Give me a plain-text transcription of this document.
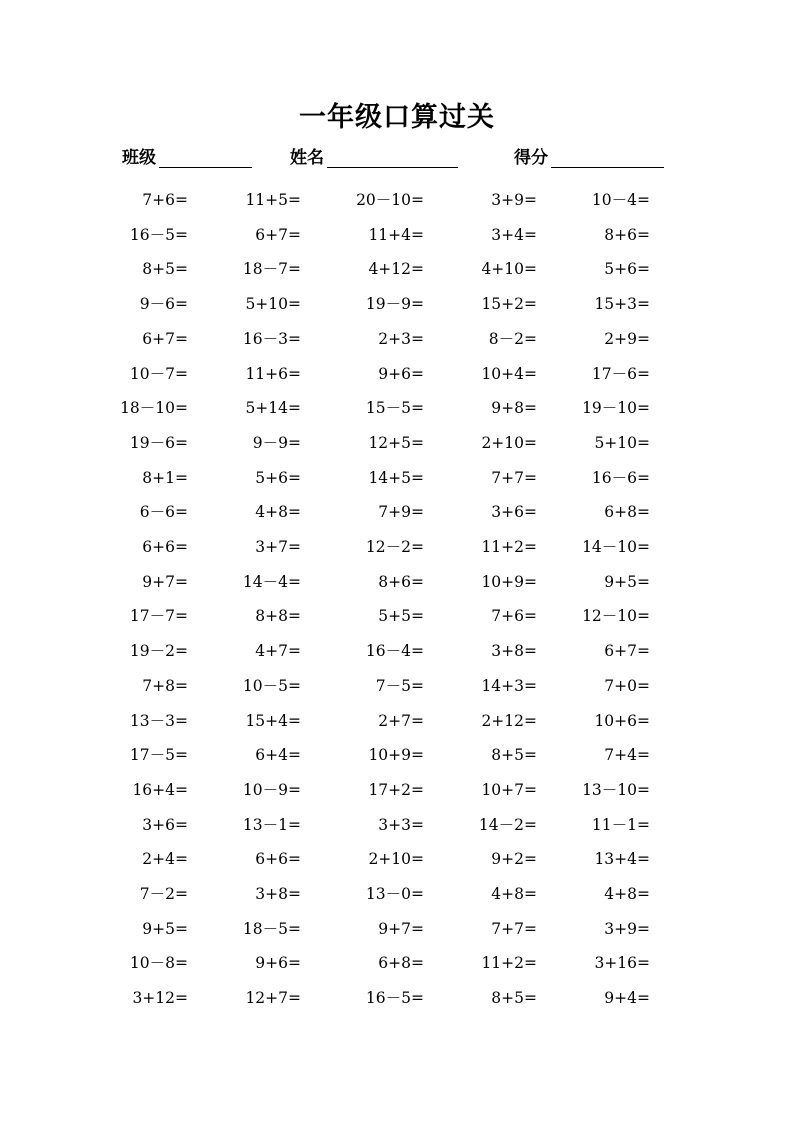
一年级口算过关
班级	姓名	得分
7+6=	11+5=	20－10=	3+9=	10－4=
16－5=	6+7=	11+4=	3+4=	8+6=
8+5=	18－7=	4+12=	4+10=	5+6=
9－6=	5+10=	19－9=	15+2=	15+3=
6+7=	16－3=	2+3=	8－2=	2+9=
10－7=	11+6=	9+6=	10+4=	17－6=
18－10=	5+14=	15－5=	9+8=	19－10=
19－6=	9－9=	12+5=	2+10=	5+10=
8+1=	5+6=	14+5=	7+7=	16－6=
6－6=	4+8=	7+9=	3+6=	6+8=
6+6=	3+7=	12－2=	11+2=	14－10=
9+7=	14－4=	8+6=	10+9=	9+5=
17－7=	8+8=	5+5=	7+6=	12－10=
19－2=	4+7=	16－4=	3+8=	6+7=
7+8=	10－5=	7－5=	14+3=	7+0=
13－3=	15+4=	2+7=	2+12=	10+6=
17－5=	6+4=	10+9=	8+5=	7+4=
16+4=	10－9=	17+2=	10+7=	13－10=
3+6=	13－1=	3+3=	14－2=	11－1=
2+4=	6+6=	2+10=	9+2=	13+4=
7－2=	3+8=	13－0=	4+8=	4+8=
9+5=	18－5=	9+7=	7+7=	3+9=
10－8=	9+6=	6+8=	11+2=	3+16=
3+12=	12+7=	16－5=	8+5=	9+4=
